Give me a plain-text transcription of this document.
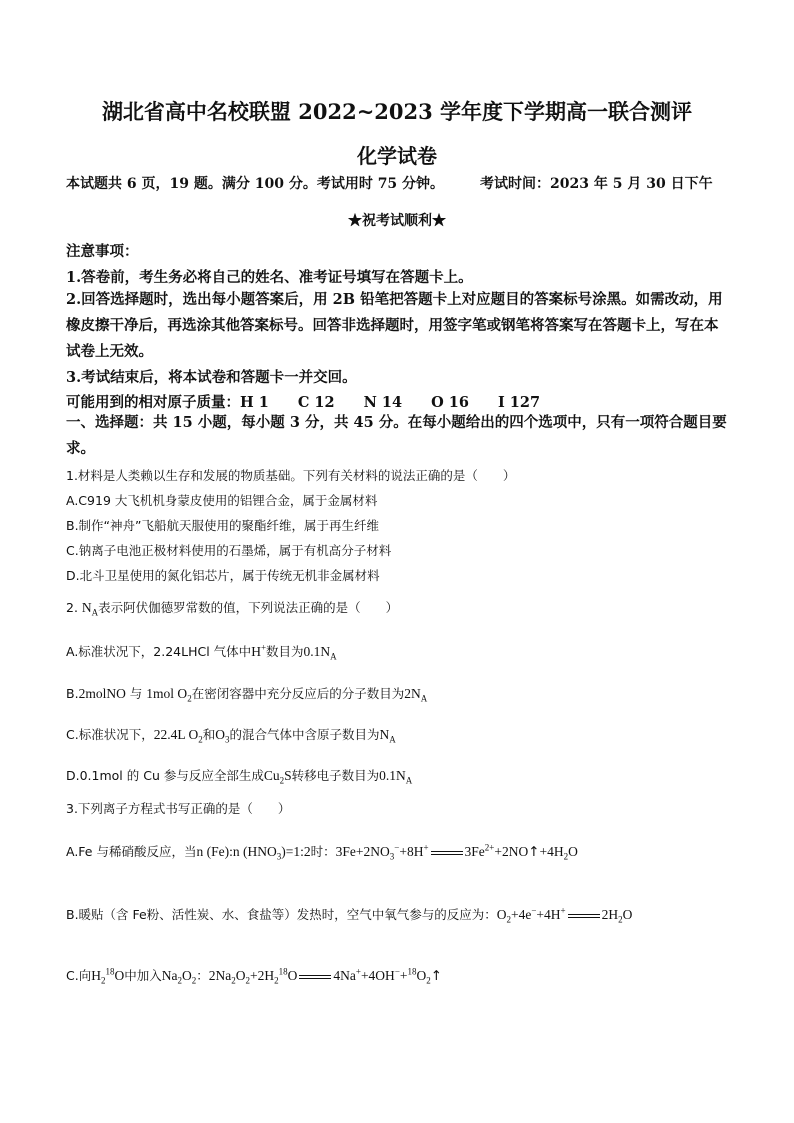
湖北省高中名校联盟 2022~2023 学年度下学期高一联合测评
化学试卷
本试题共 6 页，19 题。满分 100 分。考试用时 75 分钟。	考试时间：2023 年 5 月 30 日下午
★祝考试顺利★
注意事项：
1.答卷前，考生务必将自己的姓名、准考证号填写在答题卡上。
2.回答选择题时，选出每小题答案后，用 2B 铅笔把答题卡上对应题目的答案标号涂黑。如需改动，用橡皮擦干净后，再选涂其他答案标号。回答非选择题时，用签字笔或钢笔将答案写在答题卡上，写在本试卷上无效。
3.考试结束后，将本试卷和答题卡一并交回。
可能用到的相对原子质量：H 1　　C 12　　N 14　　O 16　　I 127
一、选择题：共 15 小题，每小题 3 分，共 45 分。在每小题给出的四个选项中，只有一项符合题目要求。
1.材料是人类赖以生存和发展的物质基础。下列有关材料的说法正确的是（　　）
A.C919 大飞机机身蒙皮使用的铝锂合金，属于金属材料
B.制作“神舟”飞船航天服使用的聚酯纤维，属于再生纤维
C.钠离子电池正极材料使用的石墨烯，属于有机高分子材料
D.北斗卫星使用的氮化铝芯片，属于传统无机非金属材料
2. $N_A$表示阿伏伽德罗常数的值，下列说法正确的是（　　）
A.标准状况下，2.24LHCl 气体中H+数目为$0.1N_A$
B.2molNO 与 1mol $O_2$在密闭容器中充分反应后的分子数目为$2N_A$
C.标准状况下，22.4L $O_2$和$O_3$的混合气体中含原子数目为$N_A$
D.0.1mol 的 Cu 参与反应全部生成$Cu_2S$转移电子数目为$0.1N_A$
3.下列离子方程式书写正确的是（　　）
A.Fe 与稀硝酸反应，当n (Fe):n $(HNO_3)=1:2$时：$3Fe+2NO_3^-+8H^+$	$3Fe^{2+}+2NO↑+4H_2O$
B.暖贴（含 Fe粉、活性炭、水、食盐等）发热时，空气中氧气参与的反应为：$O_2+4e^-+4H^+$	$2H_2O$
C.向$H_2^{18}O$中加入$Na_2O_2$：$2Na_2O_2+2H_2^{18}O$	$4Na^++4OH^-+^{18}O_2↑$
